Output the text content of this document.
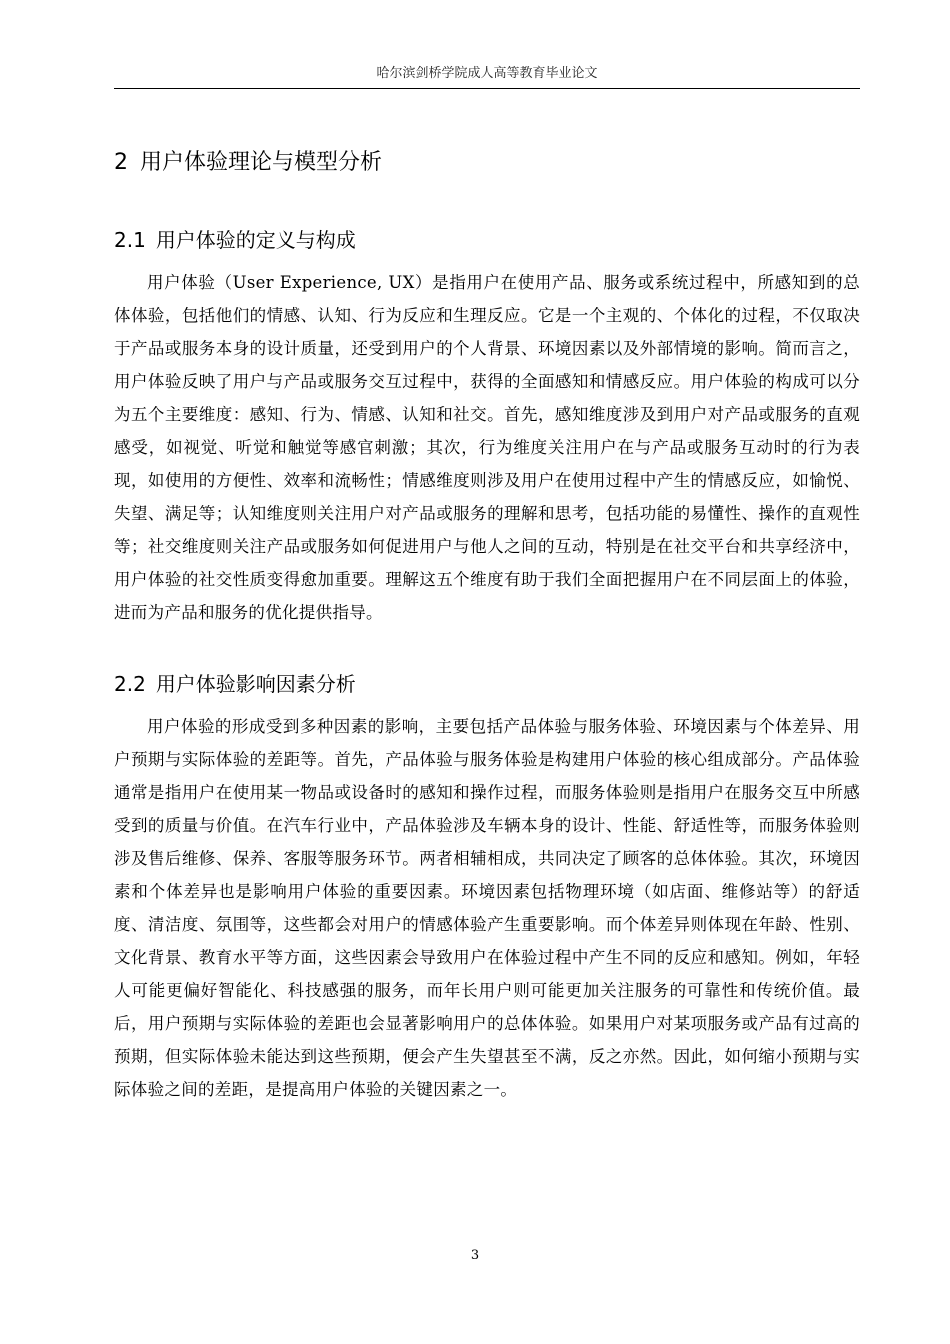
哈尔滨剑桥学院成人高等教育毕业论文
2 用户体验理论与模型分析
2.1 用户体验的定义与构成

用户体验（User Experience, UX）是指用户在使用产品、服务或系统过程中，所感知到的总体体验，包括他们的情感、认知、行为反应和生理反应。它是一个主观的、个体化的过程，不仅取决于产品或服务本身的设计质量，还受到用户的个人背景、环境因素以及外部情境的影响。简而言之，用户体验反映了用户与产品或服务交互过程中，获得的全面感知和情感反应。用户体验的构成可以分为五个主要维度：感知、行为、情感、认知和社交。首先，感知维度涉及到用户对产品或服务的直观感受，如视觉、听觉和触觉等感官刺激；其次，行为维度关注用户在与产品或服务互动时的行为表现，如使用的方便性、效率和流畅性；情感维度则涉及用户在使用过程中产生的情感反应，如愉悦、失望、满足等；认知维度则关注用户对产品或服务的理解和思考，包括功能的易懂性、操作的直观性等；社交维度则关注产品或服务如何促进用户与他人之间的互动，特别是在社交平台和共享经济中，用户体验的社交性质变得愈加重要。理解这五个维度有助于我们全面把握用户在不同层面上的体验，进而为产品和服务的优化提供指导。

2.2 用户体验影响因素分析

用户体验的形成受到多种因素的影响，主要包括产品体验与服务体验、环境因素与个体差异、用户预期与实际体验的差距等。首先，产品体验与服务体验是构建用户体验的核心组成部分。产品体验通常是指用户在使用某一物品或设备时的感知和操作过程，而服务体验则是指用户在服务交互中所感受到的质量与价值。在汽车行业中，产品体验涉及车辆本身的设计、性能、舒适性等，而服务体验则涉及售后维修、保养、客服等服务环节。两者相辅相成，共同决定了顾客的总体体验。其次，环境因素和个体差异也是影响用户体验的重要因素。环境因素包括物理环境（如店面、维修站等）的舒适度、清洁度、氛围等，这些都会对用户的情感体验产生重要影响。而个体差异则体现在年龄、性别、文化背景、教育水平等方面，这些因素会导致用户在体验过程中产生不同的反应和感知。例如，年轻人可能更偏好智能化、科技感强的服务，而年长用户则可能更加关注服务的可靠性和传统价值。最后，用户预期与实际体验的差距也会显著影响用户的总体体验。如果用户对某项服务或产品有过高的预期，但实际体验未能达到这些预期，便会产生失望甚至不满，反之亦然。因此，如何缩小预期与实际体验之间的差距，是提高用户体验的关键因素之一。

3
